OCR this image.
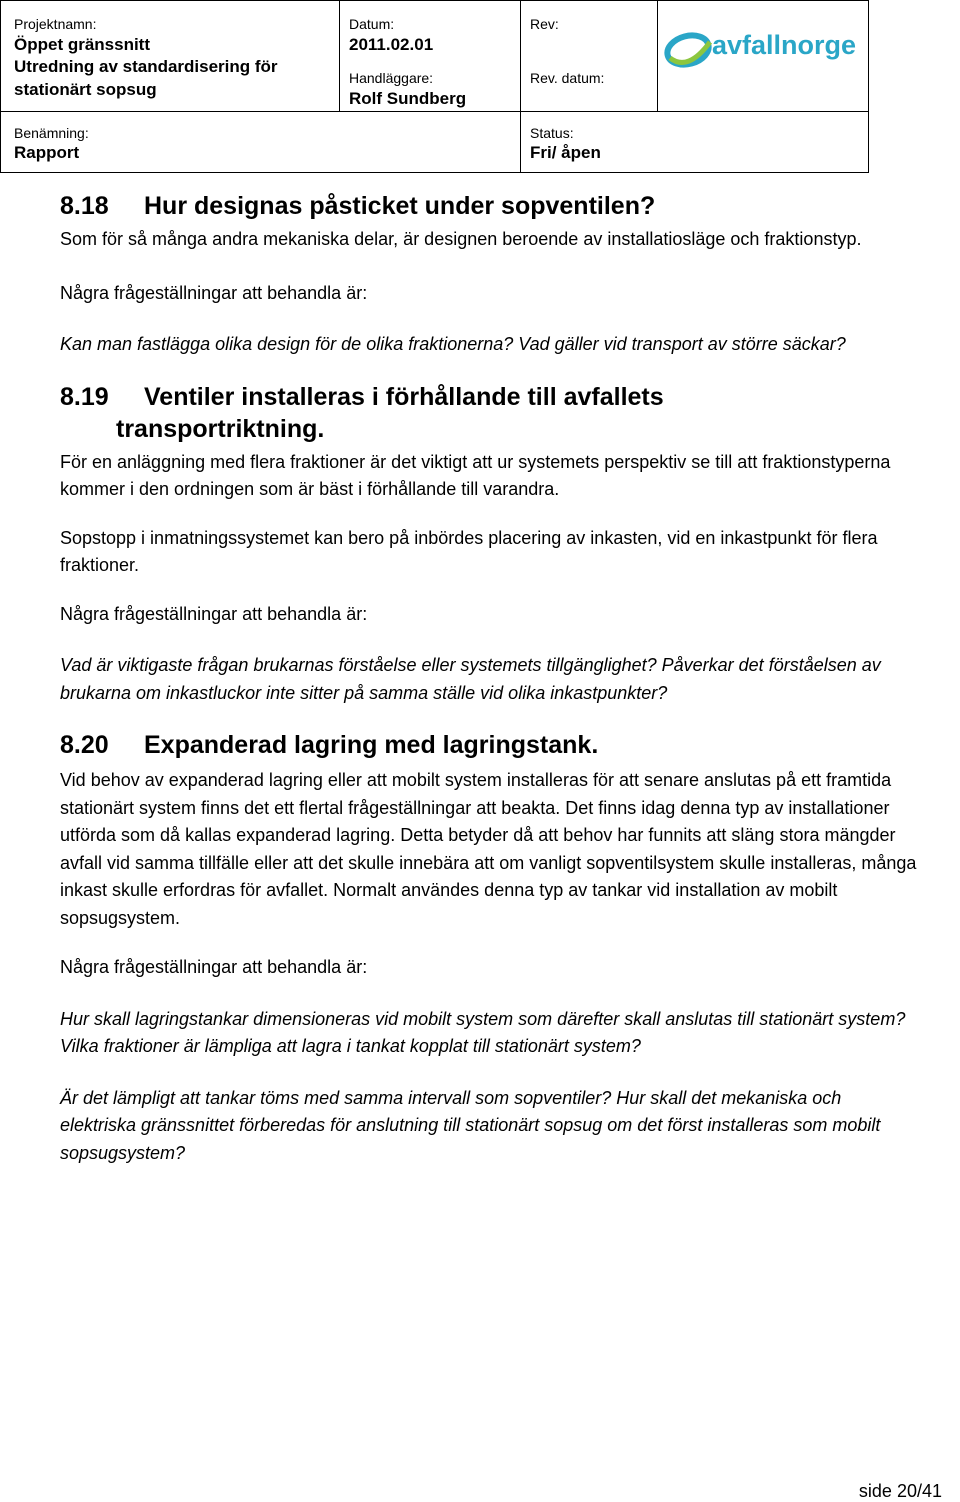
Projektnamn:
Öppet gränssnitt
Utredning av standardisering för
stationärt sopsug
Datum:
2011.02.01
Handläggare:
Rolf Sundberg
Rev:
Rev. datum:
Benämning:
Rapport
Status:
Fri/ åpen
avfallnorge
8.18 Hur designas påsticket under sopventilen?

Som för så många andra mekaniska delar, är designen beroende av installatiosläge och fraktionstyp.

Några frågeställningar att behandla är:

Kan man fastlägga olika design för de olika fraktionerna? Vad gäller vid transport av större säckar?

8.19 Ventiler installeras i förhållande till avfallets
transportriktning.

För en anläggning med flera fraktioner är det viktigt att ur systemets perspektiv se till att fraktionstyperna kommer i den ordningen som är bäst i förhållande till varandra.

Sopstopp i inmatningssystemet kan bero på inbördes placering av inkasten, vid en inkastpunkt för flera fraktioner.

Några frågeställningar att behandla är:

Vad är viktigaste frågan brukarnas förståelse eller systemets tillgänglighet? Påverkar det förståelsen av brukarna om inkastluckor inte sitter på samma ställe vid olika inkastpunkter?

8.20 Expanderad lagring med lagringstank.

Vid behov av expanderad lagring eller att mobilt system installeras för att senare anslutas på ett framtida stationärt system finns det ett flertal frågeställningar att beakta. Det finns idag denna typ av installationer utförda som då kallas expanderad lagring. Detta betyder då att behov har funnits att släng stora mängder avfall vid samma tillfälle eller att det skulle innebära att om vanligt sopventilsystem skulle installeras, många inkast skulle erfordras för avfallet. Normalt användes denna typ av tankar vid installation av mobilt sopsugsystem.

Några frågeställningar att behandla är:

Hur skall lagringstankar dimensioneras vid mobilt system som därefter skall anslutas till stationärt system? Vilka fraktioner är lämpliga att lagra i tankat kopplat till stationärt system?

Är det lämpligt att tankar töms med samma intervall som sopventiler? Hur skall det mekaniska och elektriska gränssnittet förberedas för anslutning till stationärt sopsug om det först installeras som mobilt sopsugsystem?

side 20/41
